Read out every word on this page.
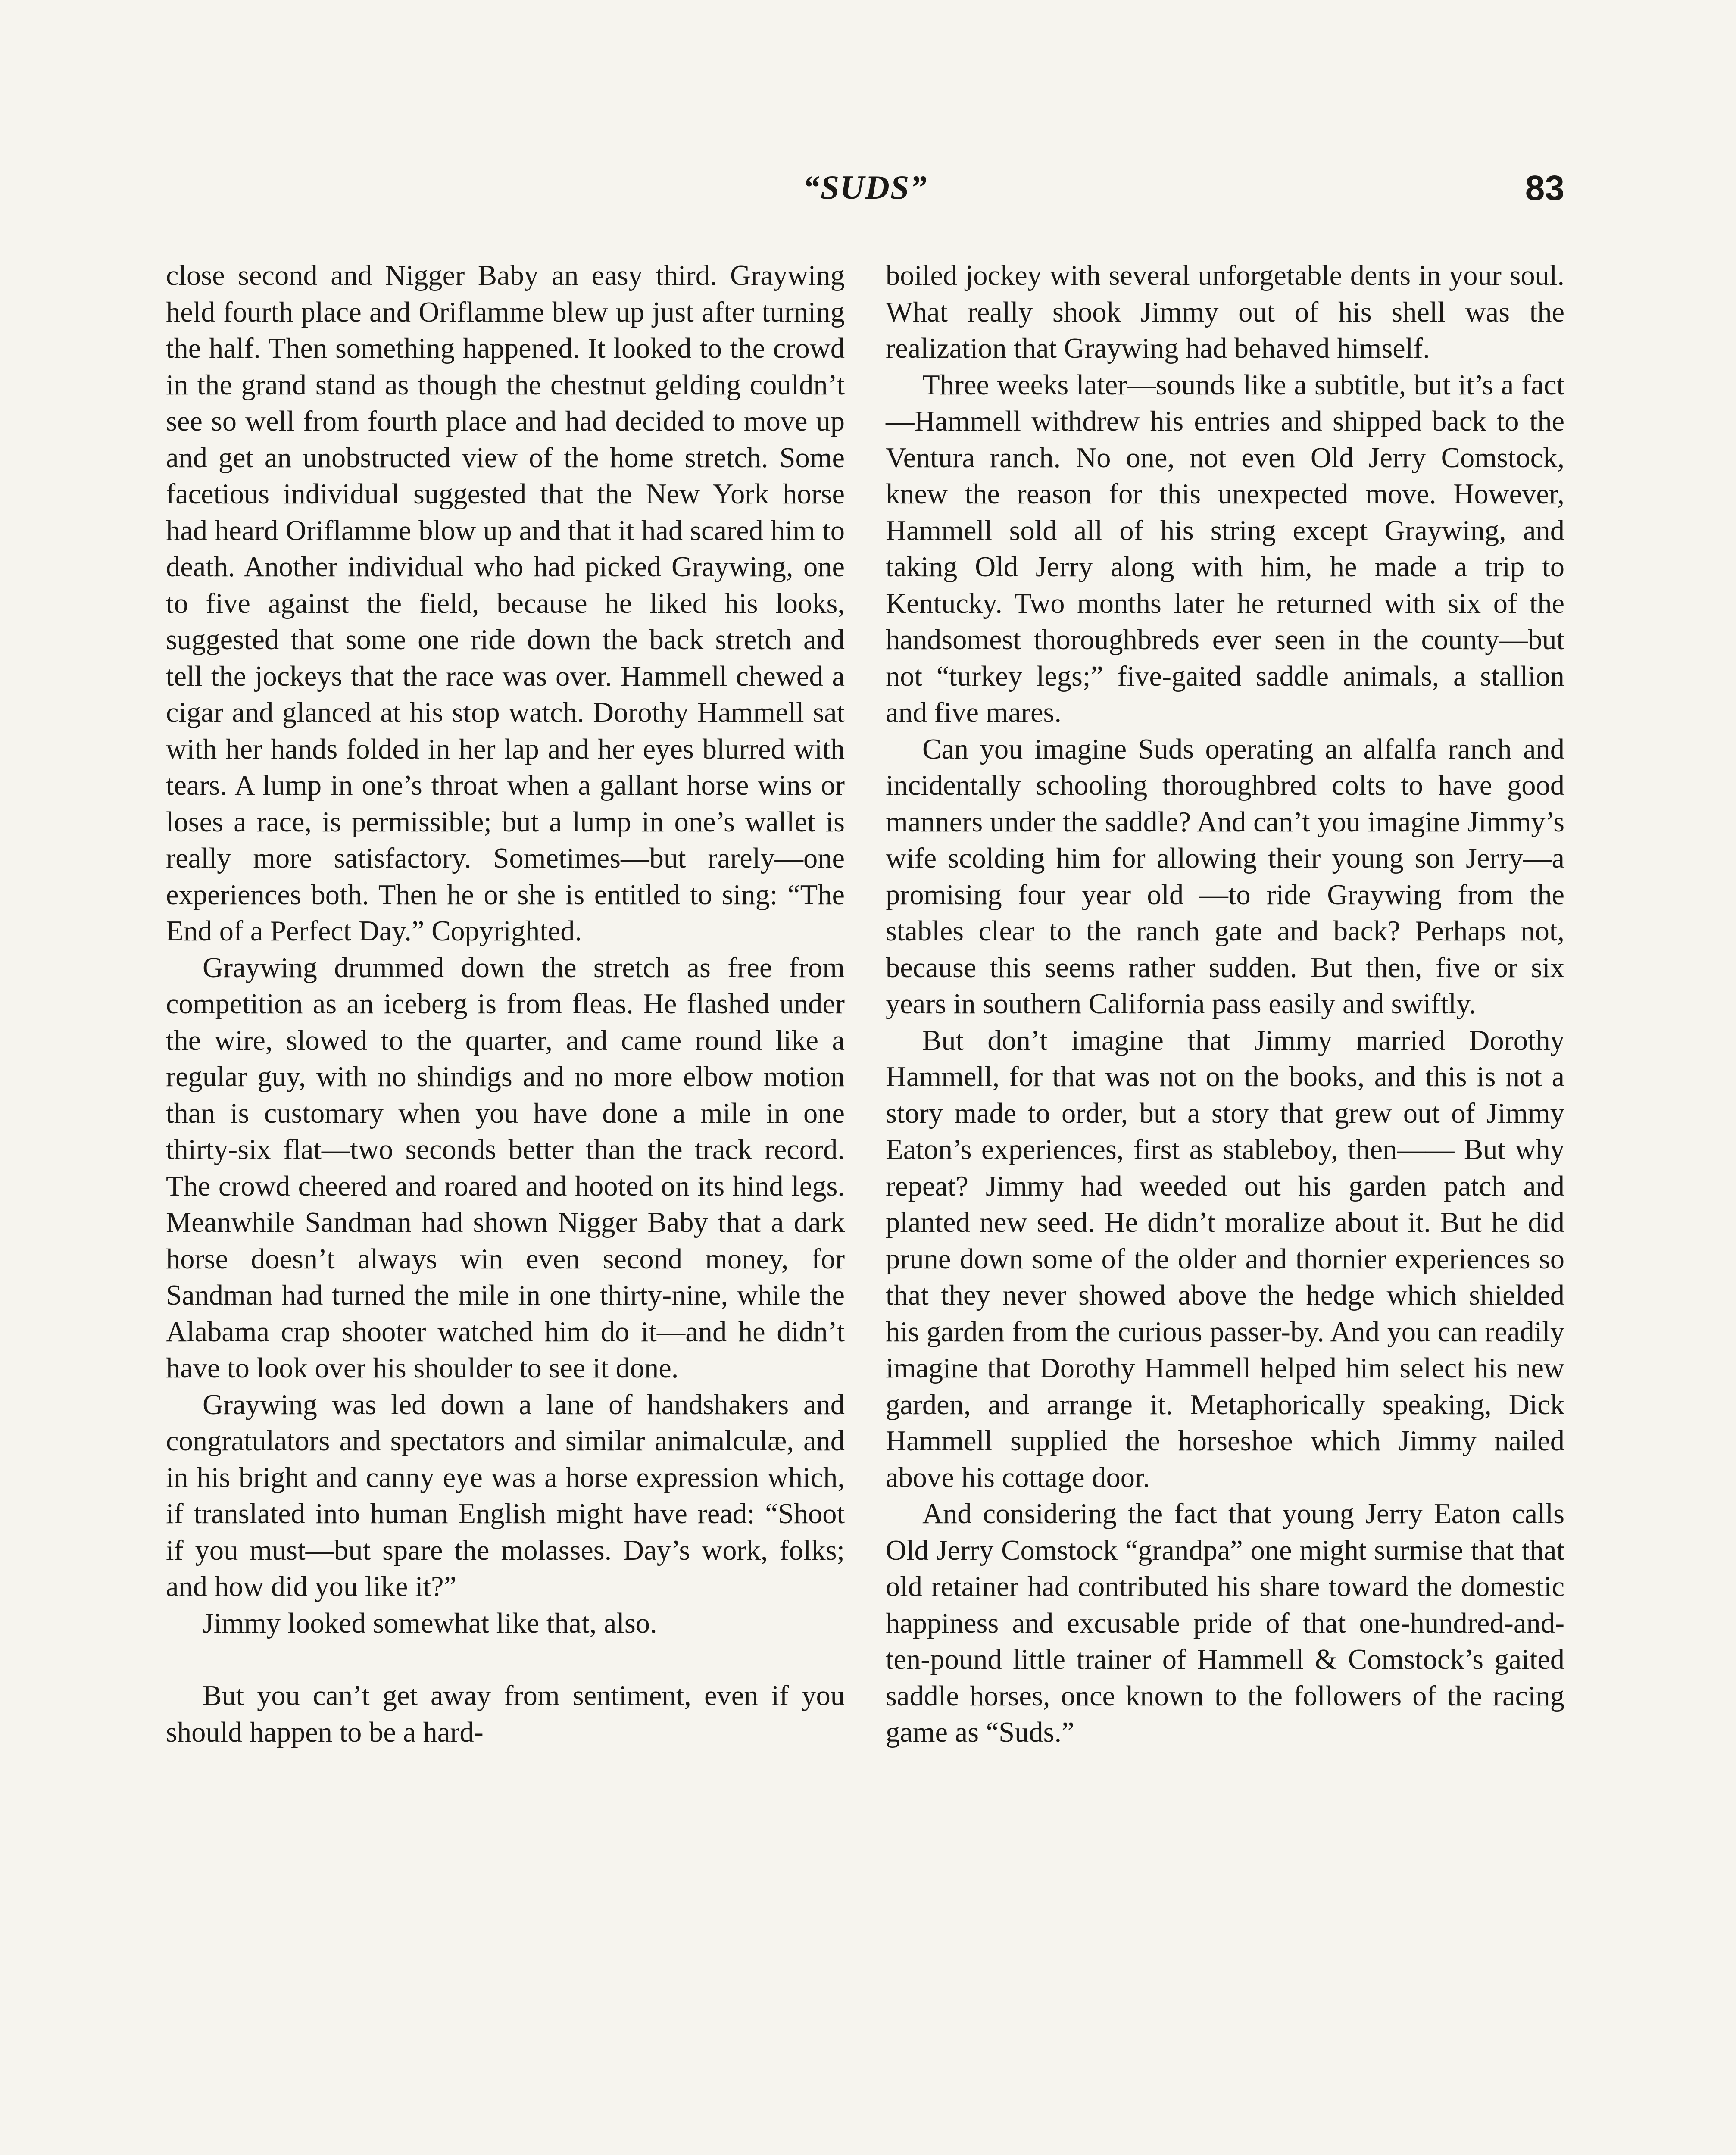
“SUDS”	83

close second and Nigger Baby an easy third. Graywing held fourth place and Oriflamme blew up just after turning the half. Then something happened. It looked to the crowd in the grand stand as though the chestnut gelding couldn’t see so well from fourth place and had decided to move up and get an unobstructed view of the home stretch. Some facetious individual suggested that the New York horse had heard Oriflamme blow up and that it had scared him to death. Another individual who had picked Graywing, one to five against the field, because he liked his looks, suggested that some one ride down the back stretch and tell the jockeys that the race was over. Hammell chewed a cigar and glanced at his stop watch. Dorothy Hammell sat with her hands folded in her lap and her eyes blurred with tears. A lump in one’s throat when a gallant horse wins or loses a race, is permissible; but a lump in one’s wallet is really more satisfactory. Sometimes—but rarely—one experiences both. Then he or she is entitled to sing: “The End of a Perfect Day.” Copyrighted.

Graywing drummed down the stretch as free from competition as an iceberg is from fleas. He flashed under the wire, slowed to the quarter, and came round like a regular guy, with no shindigs and no more elbow motion than is customary when you have done a mile in one thirty-six flat—two seconds better than the track record. The crowd cheered and roared and hooted on its hind legs. Meanwhile Sandman had shown Nigger Baby that a dark horse doesn’t always win even second money, for Sandman had turned the mile in one thirty-nine, while the Alabama crap shooter watched him do it—and he didn’t have to look over his shoulder to see it done.

Graywing was led down a lane of handshakers and congratulators and spectators and similar animalculæ, and in his bright and canny eye was a horse expression which, if translated into human English might have read: “Shoot if you must—but spare the molasses. Day’s work, folks; and how did you like it?”

Jimmy looked somewhat like that, also.

But you can’t get away from sentiment, even if you should happen to be a hard-

boiled jockey with several unforgetable dents in your soul. What really shook Jimmy out of his shell was the realization that Graywing had behaved himself.

Three weeks later—sounds like a subtitle, but it’s a fact—Hammell withdrew his entries and shipped back to the Ventura ranch. No one, not even Old Jerry Comstock, knew the reason for this unexpected move. However, Hammell sold all of his string except Graywing, and taking Old Jerry along with him, he made a trip to Kentucky. Two months later he returned with six of the handsomest thoroughbreds ever seen in the county—but not “turkey legs;” five-gaited saddle animals, a stallion and five mares.

Can you imagine Suds operating an alfalfa ranch and incidentally schooling thoroughbred colts to have good manners under the saddle? And can’t you imagine Jimmy’s wife scolding him for allowing their young son Jerry—a promising four year old —to ride Graywing from the stables clear to the ranch gate and back? Perhaps not, because this seems rather sudden. But then, five or six years in southern California pass easily and swiftly.

But don’t imagine that Jimmy married Dorothy Hammell, for that was not on the books, and this is not a story made to order, but a story that grew out of Jimmy Eaton’s experiences, first as stableboy, then—— But why repeat? Jimmy had weeded out his garden patch and planted new seed. He didn’t moralize about it. But he did prune down some of the older and thornier experiences so that they never showed above the hedge which shielded his garden from the curious passer-by. And you can readily imagine that Dorothy Hammell helped him select his new garden, and arrange it. Metaphorically speaking, Dick Hammell supplied the horseshoe which Jimmy nailed above his cottage door.

And considering the fact that young Jerry Eaton calls Old Jerry Comstock “grandpa” one might surmise that that old retainer had contributed his share toward the domestic happiness and excusable pride of that one-hundred-and-ten-pound little trainer of Hammell & Comstock’s gaited saddle horses, once known to the followers of the racing game as “Suds.”
